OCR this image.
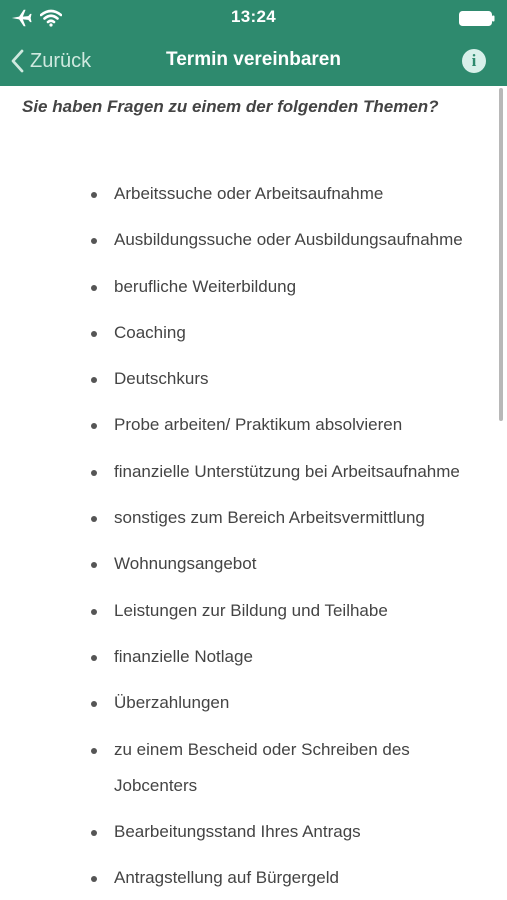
13:24
Zurück	Termin vereinbaren	i
Sie haben Fragen zu einem der folgenden Themen?
Arbeitssuche oder Arbeitsaufnahme
Ausbildungssuche oder Ausbildungsaufnahme
berufliche Weiterbildung
Coaching
Deutschkurs
Probe arbeiten/ Praktikum absolvieren
finanzielle Unterstützung bei Arbeitsaufnahme
sonstiges zum Bereich Arbeitsvermittlung
Wohnungsangebot
Leistungen zur Bildung und Teilhabe
finanzielle Notlage
Überzahlungen
zu einem Bescheid oder Schreiben des Jobcenters
Bearbeitungsstand Ihres Antrags
Antragstellung auf Bürgergeld
